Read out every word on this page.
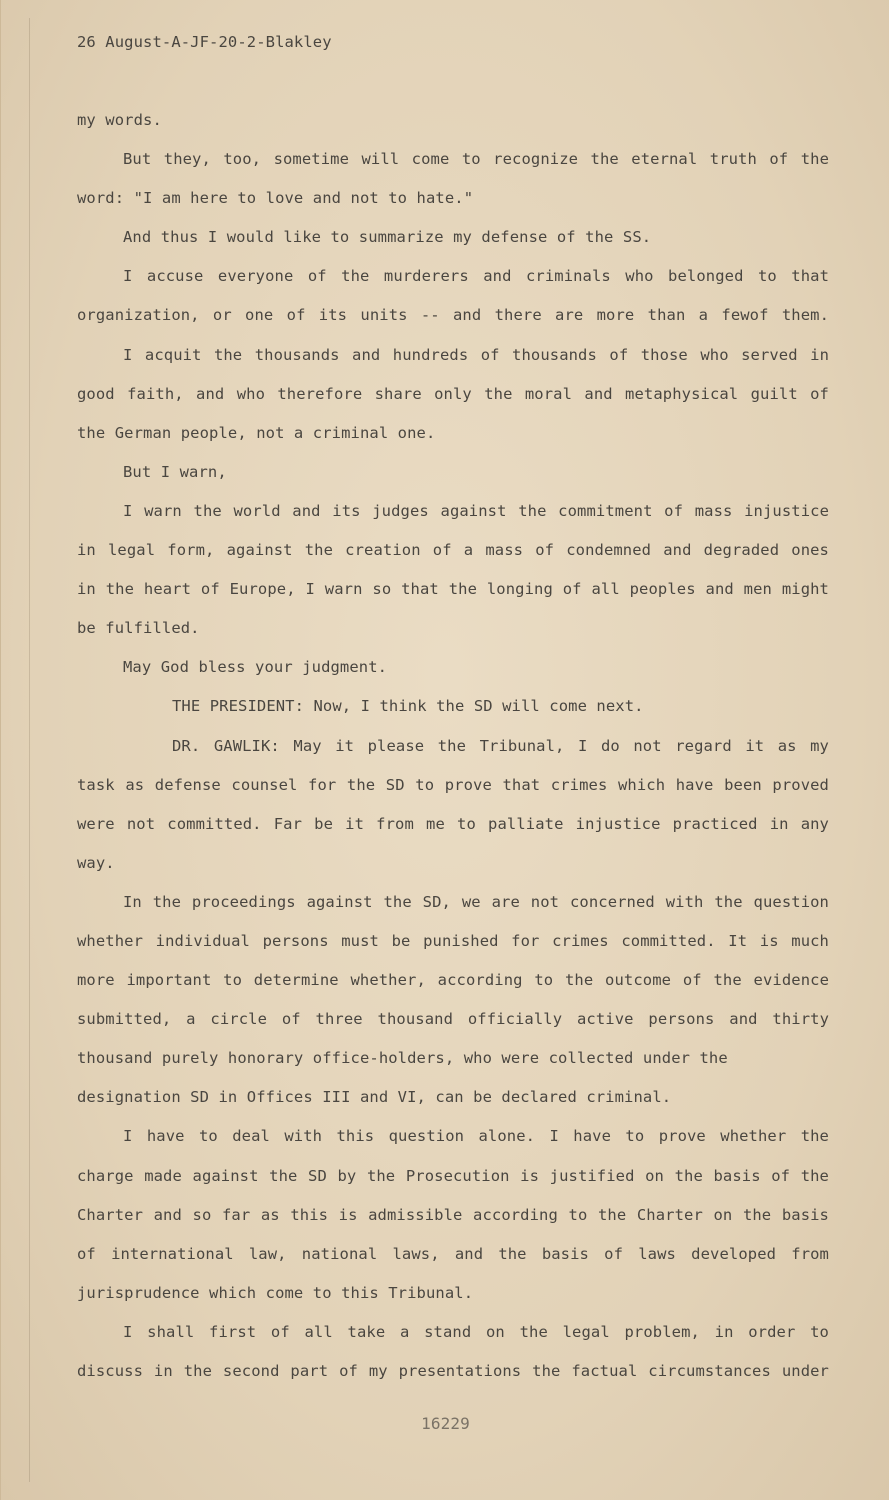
26 August-A-JF-20-2-Blakley
my words.
But they, too, sometime will come to recognize the eternal truth of the
word: "I am here to love and not to hate."
And thus I would like to summarize my defense of the SS.
I accuse everyone of the murderers and criminals who belonged to that
organization, or one of its units -- and there are more than a fewof them.
I acquit the thousands and hundreds of thousands of those who served in
good faith, and who therefore share only the moral and metaphysical guilt of
the German people, not a criminal one.
But I warn,
I warn the world and its judges against the commitment of mass injustice
in legal form, against the creation of a mass of condemned and degraded ones
in the heart of Europe, I warn so that the longing of all peoples and men might
be fulfilled.
May God bless your judgment.
THE PRESIDENT: Now, I think the SD will come next.
DR. GAWLIK: May it please the Tribunal, I do not regard it as my
task as defense counsel for the SD to prove that crimes which have been proved
were not committed. Far be it from me to palliate injustice practiced in any
way.
In the proceedings against the SD, we are not concerned with the question
whether individual persons must be punished for crimes committed. It is much
more important to determine whether, according to the outcome of the evidence
submitted, a circle of three thousand officially active persons and thirty
thousand purely honorary office-holders, who were collected under the
designation SD in Offices III and VI, can be declared criminal.
I have to deal with this question alone. I have to prove whether the
charge made against the SD by the Prosecution is justified on the basis of the
Charter and so far as this is admissible according to the Charter on the basis
of international law, national laws, and the basis of laws developed from
jurisprudence which come to this Tribunal.
I shall first of all take a stand on the legal problem, in order to
discuss in the second part of my presentations the factual circumstances under
16229
